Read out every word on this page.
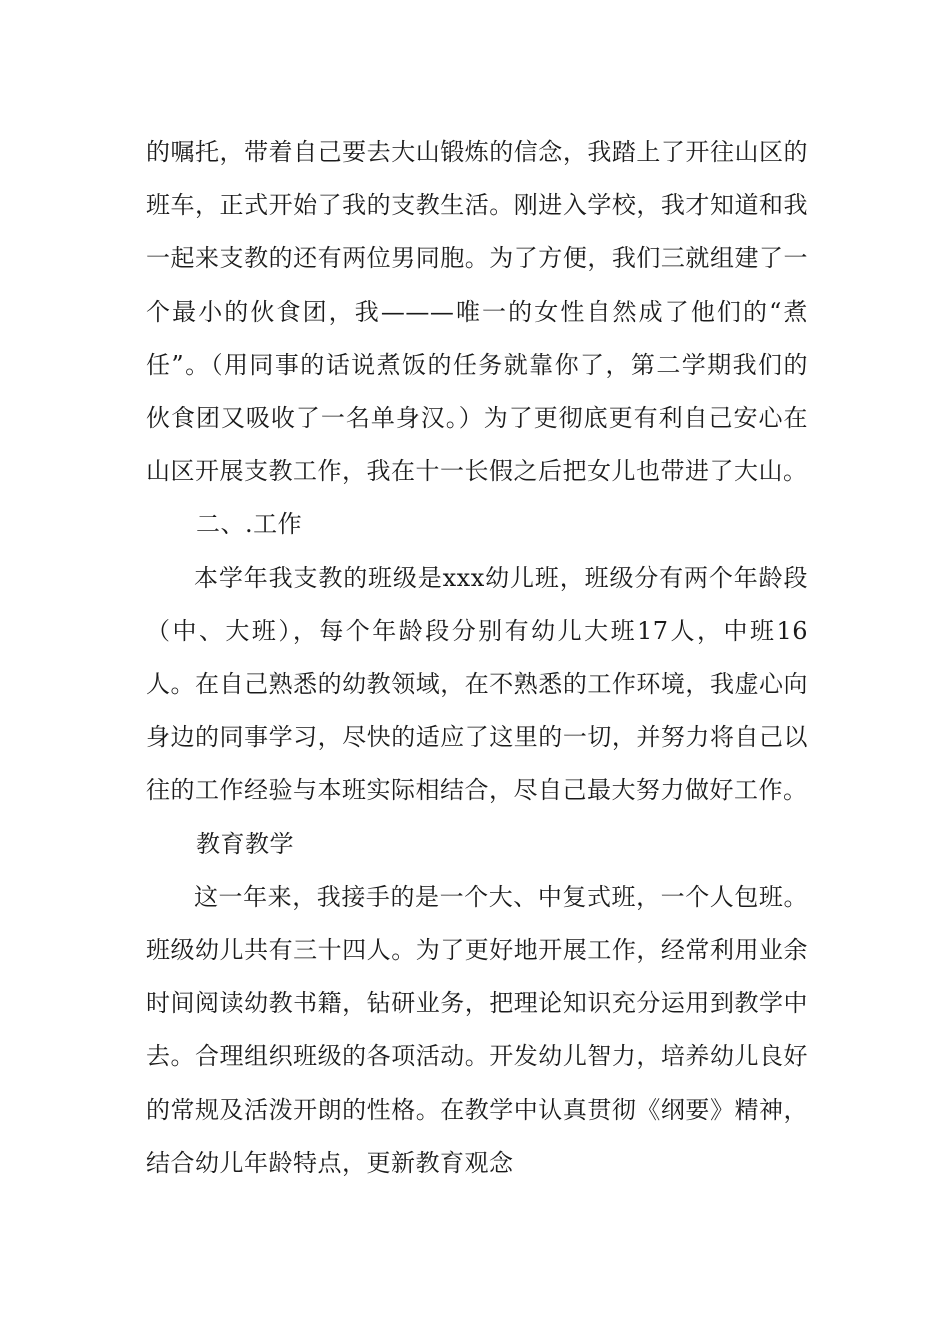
的嘱托，带着自己要去大山锻炼的信念，我踏上了开往山区的班车，正式开始了我的支教生活。刚进入学校，我才知道和我一起来支教的还有两位男同胞。为了方便，我们三就组建了一个最小的伙食团，我———唯一的女性自然成了他们的“煮任”。（用同事的话说煮饭的任务就靠你了，第二学期我们的伙食团又吸收了一名单身汉。）为了更彻底更有利自己安心在山区开展支教工作，我在十一长假之后把女儿也带进了大山。

二、.工作

本学年我支教的班级是xxx幼儿班，班级分有两个年龄段（中、大班），每个年龄段分别有幼儿大班17人，中班16人。在自己熟悉的幼教领域，在不熟悉的工作环境，我虚心向身边的同事学习，尽快的适应了这里的一切，并努力将自己以往的工作经验与本班实际相结合，尽自己最大努力做好工作。

教育教学

这一年来，我接手的是一个大、中复式班，一个人包班。班级幼儿共有三十四人。为了更好地开展工作，经常利用业余时间阅读幼教书籍，钻研业务，把理论知识充分运用到教学中去。合理组织班级的各项活动。开发幼儿智力，培养幼儿良好的常规及活泼开朗的性格。在教学中认真贯彻《纲要》精神，结合幼儿年龄特点，更新教育观念
